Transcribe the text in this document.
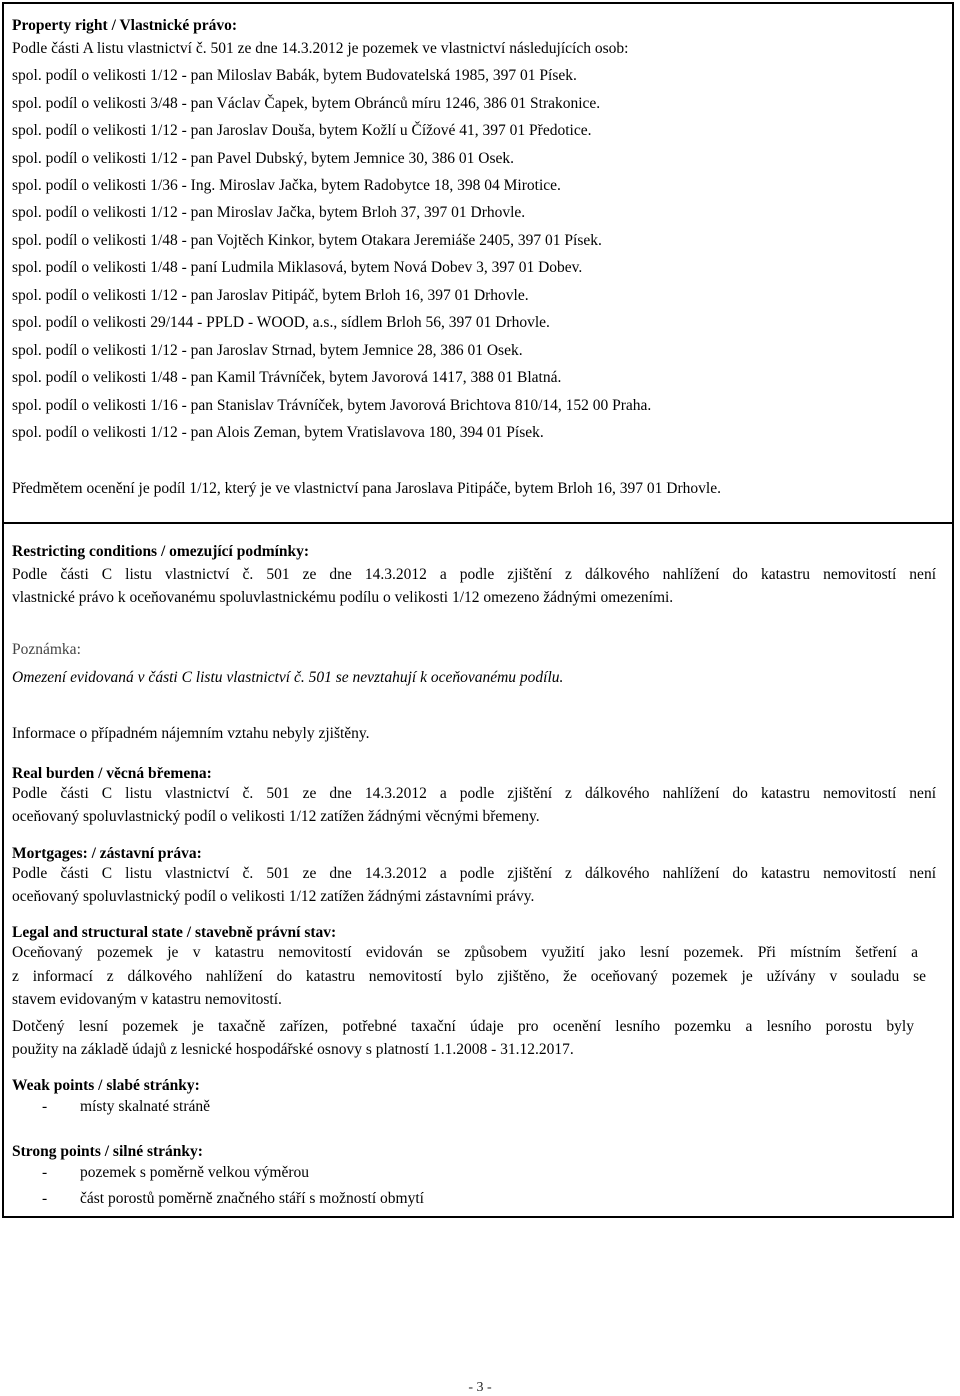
Property right / Vlastnické právo:
Podle části A listu vlastnictví č. 501 ze dne 14.3.2012 je pozemek ve vlastnictví následujících osob:
spol. podíl o velikosti 1/12 - pan Miloslav Babák, bytem Budovatelská 1985, 397 01 Písek.
spol. podíl o velikosti 3/48 - pan Václav Čapek, bytem Obránců míru 1246, 386 01 Strakonice.
spol. podíl o velikosti 1/12 - pan Jaroslav Douša, bytem Kožlí u Čížové 41, 397 01 Předotice.
spol. podíl o velikosti 1/12 - pan Pavel Dubský, bytem Jemnice 30, 386 01 Osek.
spol. podíl o velikosti 1/36 - Ing. Miroslav Jačka, bytem Radobytce 18, 398 04 Mirotice.
spol. podíl o velikosti 1/12 - pan Miroslav Jačka, bytem Brloh 37, 397 01 Drhovle.
spol. podíl o velikosti 1/48 - pan Vojtěch Kinkor, bytem Otakara Jeremiáše 2405, 397 01 Písek.
spol. podíl o velikosti 1/48 - paní Ludmila Miklasová, bytem Nová Dobev 3, 397 01 Dobev.
spol. podíl o velikosti 1/12 - pan Jaroslav Pitipáč, bytem Brloh 16, 397 01 Drhovle.
spol. podíl o velikosti 29/144 - PPLD - WOOD, a.s., sídlem Brloh 56, 397 01 Drhovle.
spol. podíl o velikosti 1/12 - pan Jaroslav Strnad, bytem Jemnice 28, 386 01 Osek.
spol. podíl o velikosti 1/48 - pan Kamil Trávníček, bytem Javorová 1417, 388 01 Blatná.
spol. podíl o velikosti 1/16 - pan Stanislav Trávníček, bytem Javorová Brichtova 810/14, 152 00 Praha.
spol. podíl o velikosti 1/12 - pan Alois Zeman, bytem Vratislavova 180, 394 01 Písek.
Předmětem ocenění je podíl 1/12, který je ve vlastnictví pana Jaroslava Pitipáče, bytem Brloh 16, 397 01 Drhovle.
Restricting conditions / omezující podmínky:
Podle části C listu vlastnictví č. 501 ze dne 14.3.2012 a podle zjištění z dálkového nahlížení do katastru nemovitostí není
vlastnické právo k oceňovanému spoluvlastnickému podílu o velikosti 1/12 omezeno žádnými omezeními.
Poznámka:
Omezení evidovaná v části C listu vlastnictví č. 501 se nevztahují k oceňovanému podílu.
Informace o případném nájemním vztahu nebyly zjištěny.
Real burden / věcná břemena:
Podle části C listu vlastnictví č. 501 ze dne 14.3.2012 a podle zjištění z dálkového nahlížení do katastru nemovitostí není
oceňovaný spoluvlastnický podíl o velikosti 1/12 zatížen žádnými věcnými břemeny.
Mortgages: / zástavní práva:
Podle části C listu vlastnictví č. 501 ze dne 14.3.2012 a podle zjištění z dálkového nahlížení do katastru nemovitostí není
oceňovaný spoluvlastnický podíl o velikosti 1/12 zatížen žádnými zástavními právy.
Legal and structural state / stavebně právní stav:
Oceňovaný pozemek je v katastru nemovitostí evidován se způsobem využití jako lesní pozemek. Při místním šetření a
z informací z dálkového nahlížení do katastru nemovitostí bylo zjištěno, že oceňovaný pozemek je užívány v souladu se
stavem evidovaným v katastru nemovitostí.
Dotčený lesní pozemek je taxačně zařízen, potřebné taxační údaje pro ocenění lesního pozemku a lesního porostu byly
použity na základě údajů z lesnické hospodářské osnovy s platností 1.1.2008 - 31.12.2017.
Weak points / slabé stránky:
- místy skalnaté stráně
Strong points / silné stránky:
- pozemek s poměrně velkou výměrou
- část porostů poměrně značného stáří s možností obmytí
- 3 -
